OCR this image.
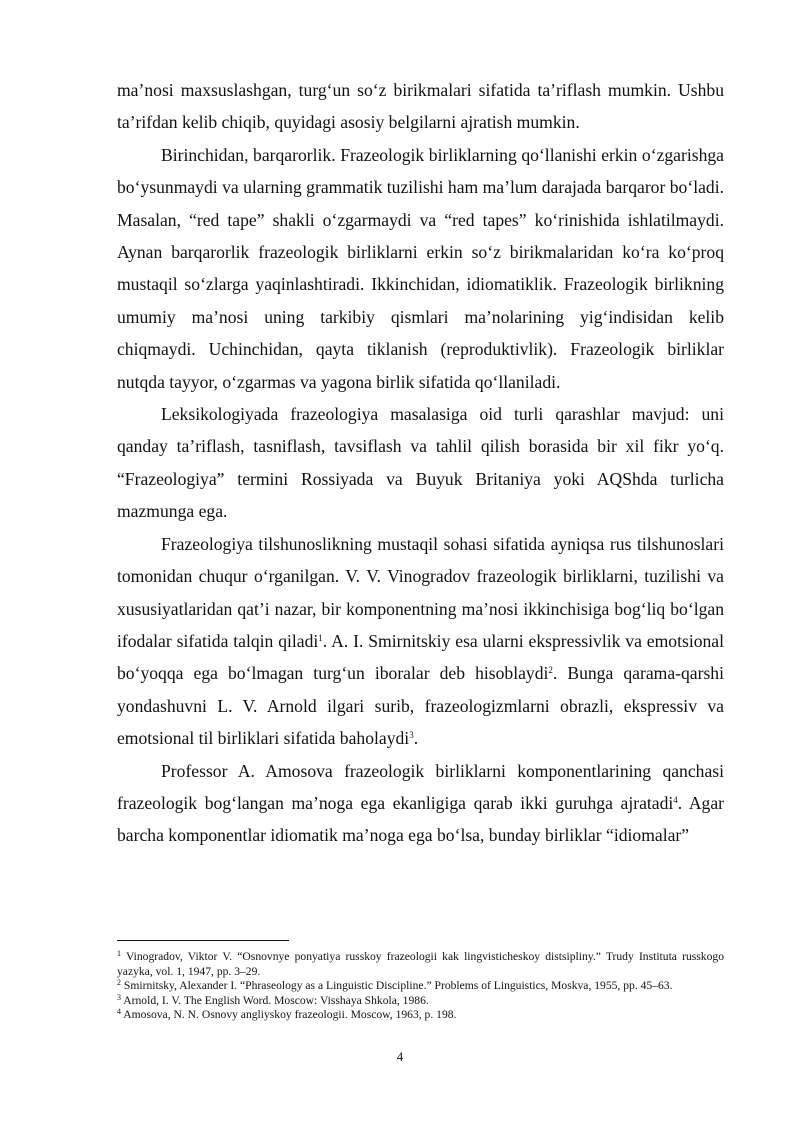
ma’nosi maxsuslashgan, turg‘un so‘z birikmalari sifatida ta’riflash mumkin. Ushbu ta’rifdan kelib chiqib, quyidagi asosiy belgilarni ajratish mumkin.

Birinchidan, barqarorlik. Frazeologik birliklarning qo‘llanishi erkin o‘zgarishga bo‘ysunmaydi va ularning grammatik tuzilishi ham ma’lum darajada barqaror bo‘ladi. Masalan, “red tape” shakli o‘zgarmaydi va “red tapes” ko‘rinishida ishlatilmaydi. Aynan barqarorlik frazeologik birliklarni erkin so‘z birikmalaridan ko‘ra ko‘proq mustaqil so‘zlarga yaqinlashtiradi. Ikkinchidan, idiomatiklik. Frazeologik birlikning umumiy ma’nosi uning tarkibiy qismlari ma’nolarining yig‘indisidan kelib chiqmaydi. Uchinchidan, qayta tiklanish (reproduktivlik). Frazeologik birliklar nutqda tayyor, o‘zgarmas va yagona birlik sifatida qo‘llaniladi.

Leksikologiyada frazeologiya masalasiga oid turli qarashlar mavjud: uni qanday ta’riflash, tasniflash, tavsiflash va tahlil qilish borasida bir xil fikr yo‘q. “Frazeologiya” termini Rossiyada va Buyuk Britaniya yoki AQShda turlicha mazmunga ega.

Frazeologiya tilshunoslikning mustaqil sohasi sifatida ayniqsa rus tilshunoslari tomonidan chuqur o‘rganilgan. V. V. Vinogradov frazeologik birliklarni, tuzilishi va xususiyatlaridan qat’i nazar, bir komponentning ma’nosi ikkinchisiga bog‘liq bo‘lgan ifodalar sifatida talqin qiladi$^1$. A. I. Smirnitskiy esa ularni ekspressivlik va emotsional bo‘yoqqa ega bo‘lmagan turg‘un iboralar deb hisoblaydi$^2$. Bunga qarama-qarshi yondashuvni L. V. Arnold ilgari surib, frazeologizmlarni obrazli, ekspressiv va emotsional til birliklari sifatida baholaydi$^3$.

Professor A. Amosova frazeologik birliklarni komponentlarining qanchasi frazeologik bog‘langan ma’noga ega ekanligiga qarab ikki guruhga ajratadi$^4$. Agar barcha komponentlar idiomatik ma’noga ega bo‘lsa, bunday birliklar “idiomalar”

$^1$ Vinogradov, Viktor V. “Osnovnye ponyatiya russkoy frazeologii kak lingvisticheskoy distsipliny.” Trudy Instituta russkogo yazyka, vol. 1, 1947, pp. 3–29.

$^2$ Smirnitsky, Alexander I. “Phraseology as a Linguistic Discipline.” Problems of Linguistics, Moskva, 1955, pp. 45–63.

$^3$ Arnold, I. V. The English Word. Moscow: Visshaya Shkola, 1986.

$^4$ Amosova, N. N. Osnovy angliyskoy frazeologii. Moscow, 1963, p. 198.

4
